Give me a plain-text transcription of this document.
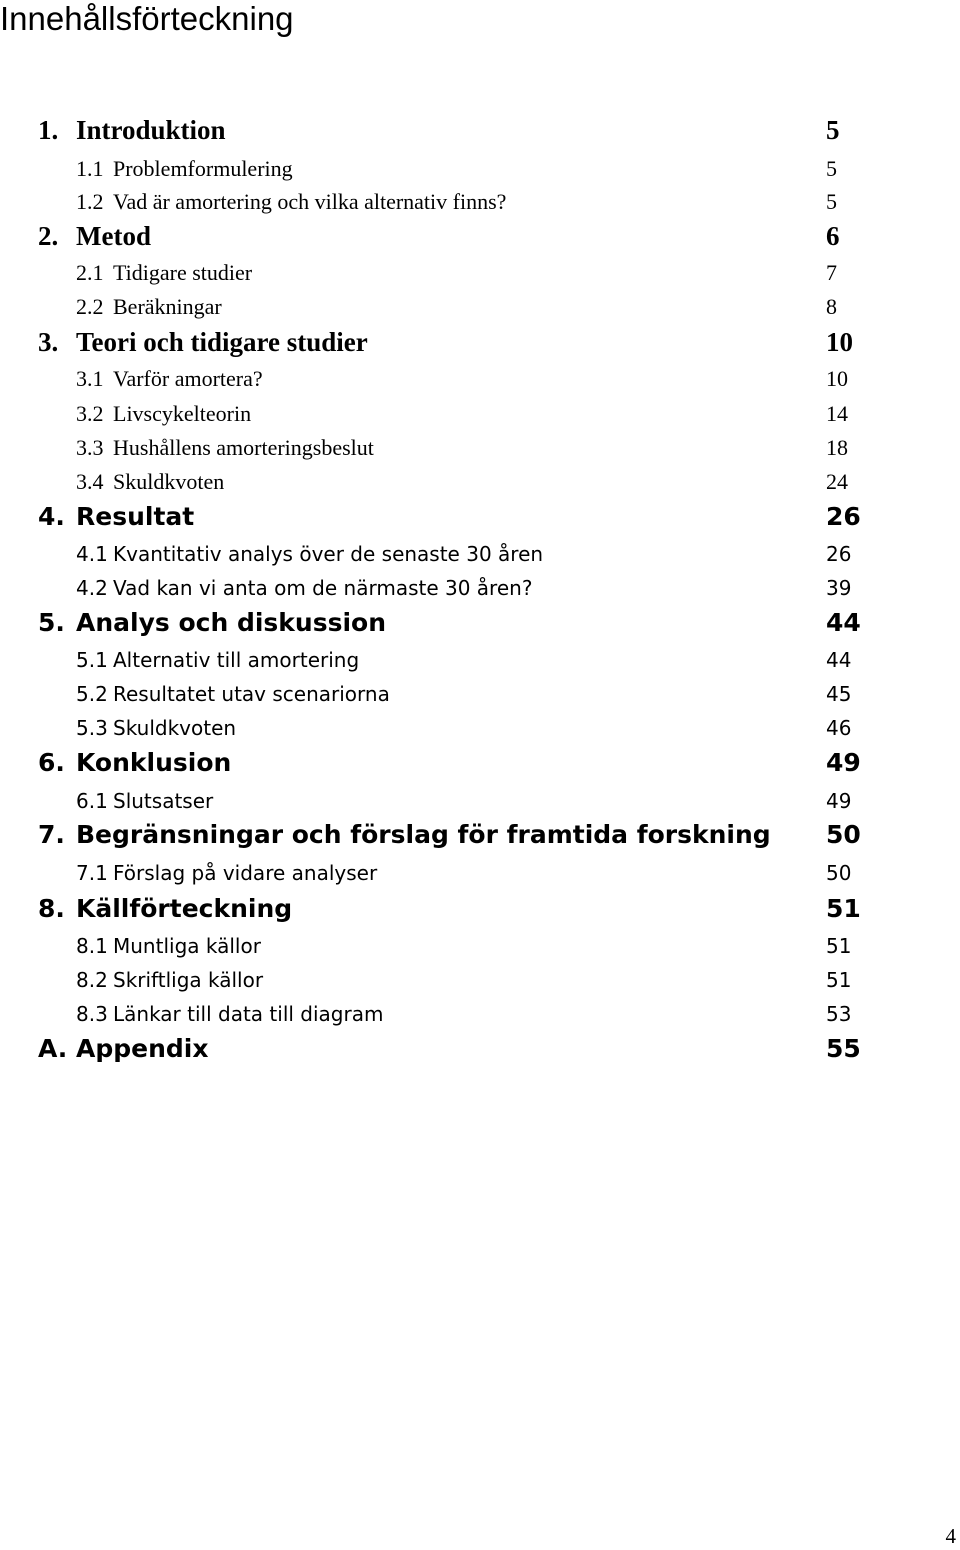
Innehållsförteckning
1. Introduktion	5
1.1 Problemformulering	5
1.2 Vad är amortering och vilka alternativ finns?	5
2. Metod	6
2.1 Tidigare studier	7
2.2 Beräkningar	8
3. Teori och tidigare studier	10
3.1 Varför amortera?	10
3.2 Livscykelteorin	14
3.3 Hushållens amorteringsbeslut	18
3.4 Skuldkvoten	24
4. Resultat	26
4.1 Kvantitativ analys över de senaste 30 åren	26
4.2 Vad kan vi anta om de närmaste 30 åren?	39
5. Analys och diskussion	44
5.1 Alternativ till amortering	44
5.2 Resultatet utav scenariorna	45
5.3 Skuldkvoten	46
6. Konklusion	49
6.1 Slutsatser	49
7. Begränsningar och förslag för framtida forskning 50
7.1 Förslag på vidare analyser	50
8. Källförteckning	51
8.1 Muntliga källor	51
8.2 Skriftliga källor	51
8.3 Länkar till data till diagram	53
A. Appendix	55
4
